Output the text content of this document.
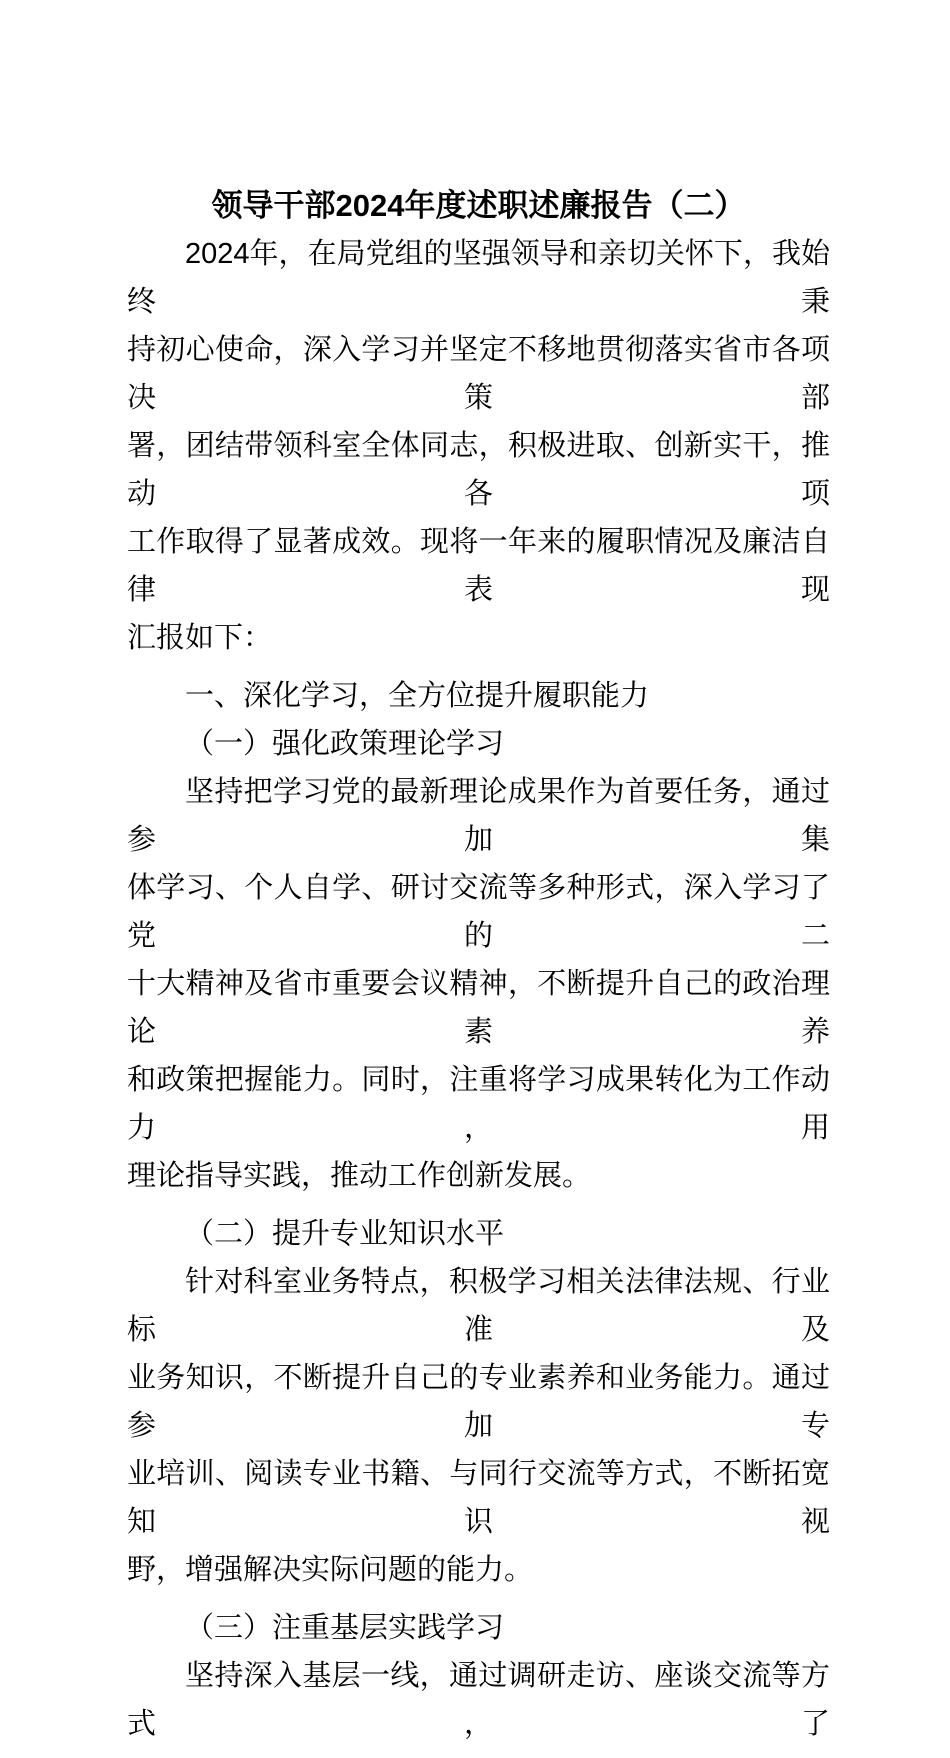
领导干部2024年度述职述廉报告（二）
2024年，在局党组的坚强领导和亲切关怀下，我始终秉
持初心使命，深入学习并坚定不移地贯彻落实省市各项决策部
署，团结带领科室全体同志，积极进取、创新实干，推动各项
工作取得了显著成效。现将一年来的履职情况及廉洁自律表现
汇报如下：
一、深化学习，全方位提升履职能力
（一）强化政策理论学习
坚持把学习党的最新理论成果作为首要任务，通过参加集
体学习、个人自学、研讨交流等多种形式，深入学习了党的二
十大精神及省市重要会议精神，不断提升自己的政治理论素养
和政策把握能力。同时，注重将学习成果转化为工作动力，用
理论指导实践，推动工作创新发展。
（二）提升专业知识水平
针对科室业务特点，积极学习相关法律法规、行业标准及
业务知识，不断提升自己的专业素养和业务能力。通过参加专
业培训、阅读专业书籍、与同行交流等方式，不断拓宽知识视
野，增强解决实际问题的能力。
（三）注重基层实践学习
坚持深入基层一线，通过调研走访、座谈交流等方式，了
